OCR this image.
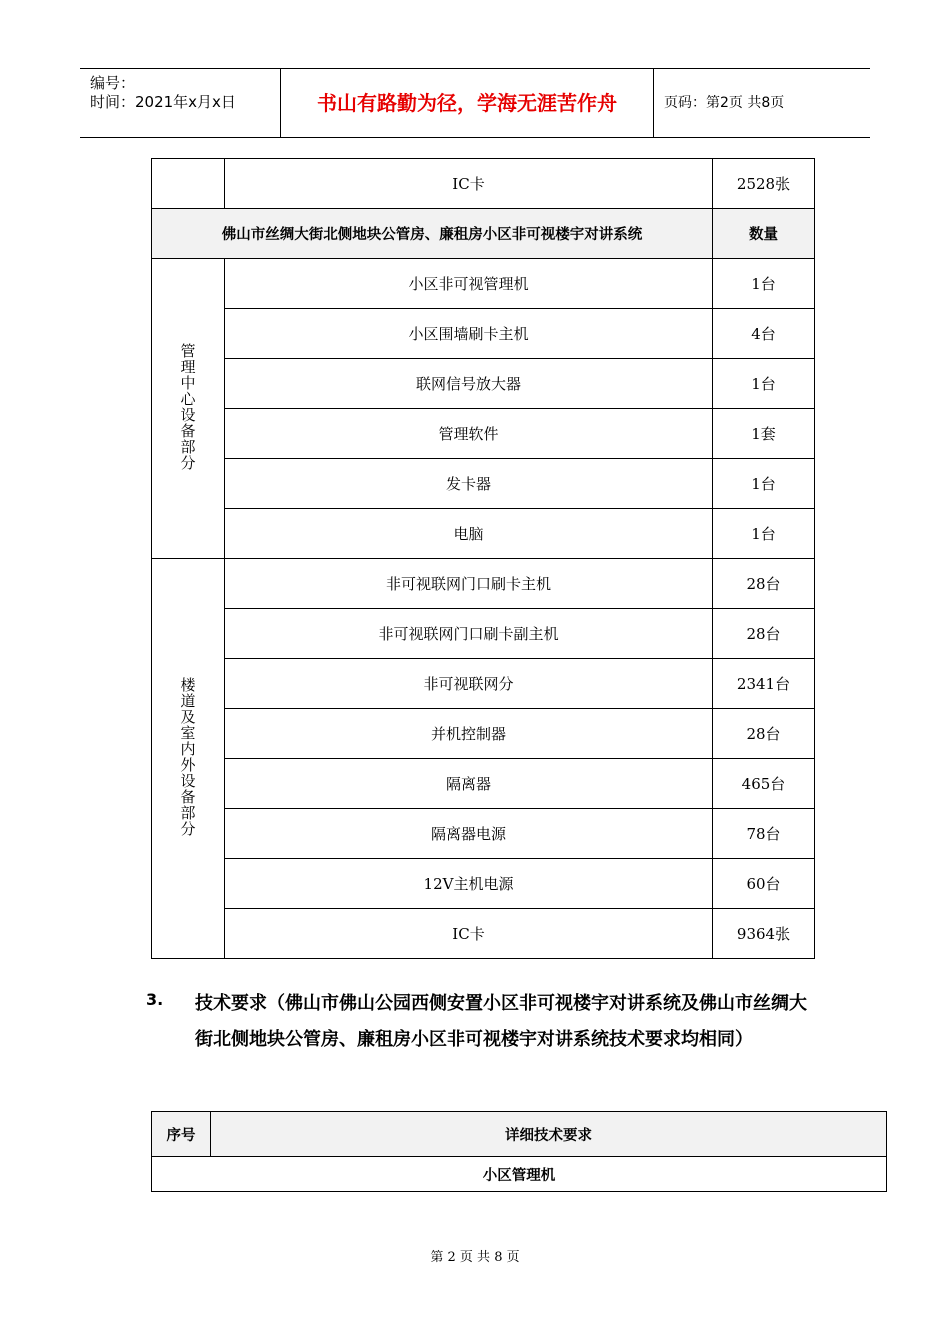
编号：
时间：2021年x月x日	书山有路勤为径，学海无涯苦作舟	页码：第2页 共8页
	IC卡	2528张
佛山市丝绸大街北侧地块公管房、廉租房小区非可视楼宇对讲系统		数量
管理中心设备部分	小区非可视管理机	1台
	小区围墙刷卡主机	4台
	联网信号放大器	1台
	管理软件	1套
	发卡器	1台
	电脑	1台
楼道及室内外设备部分	非可视联网门口刷卡主机	28台
	非可视联网门口刷卡副主机	28台
	非可视联网分	2341台
	并机控制器	28台
	隔离器	465台
	隔离器电源	78台
	12V主机电源	60台
	IC卡	9364张
3. 技术要求（佛山市佛山公园西侧安置小区非可视楼宇对讲系统及佛山市丝绸大街北侧地块公管房、廉租房小区非可视楼宇对讲系统技术要求均相同）
序号	详细技术要求
小区管理机
第 2 页 共 8 页
